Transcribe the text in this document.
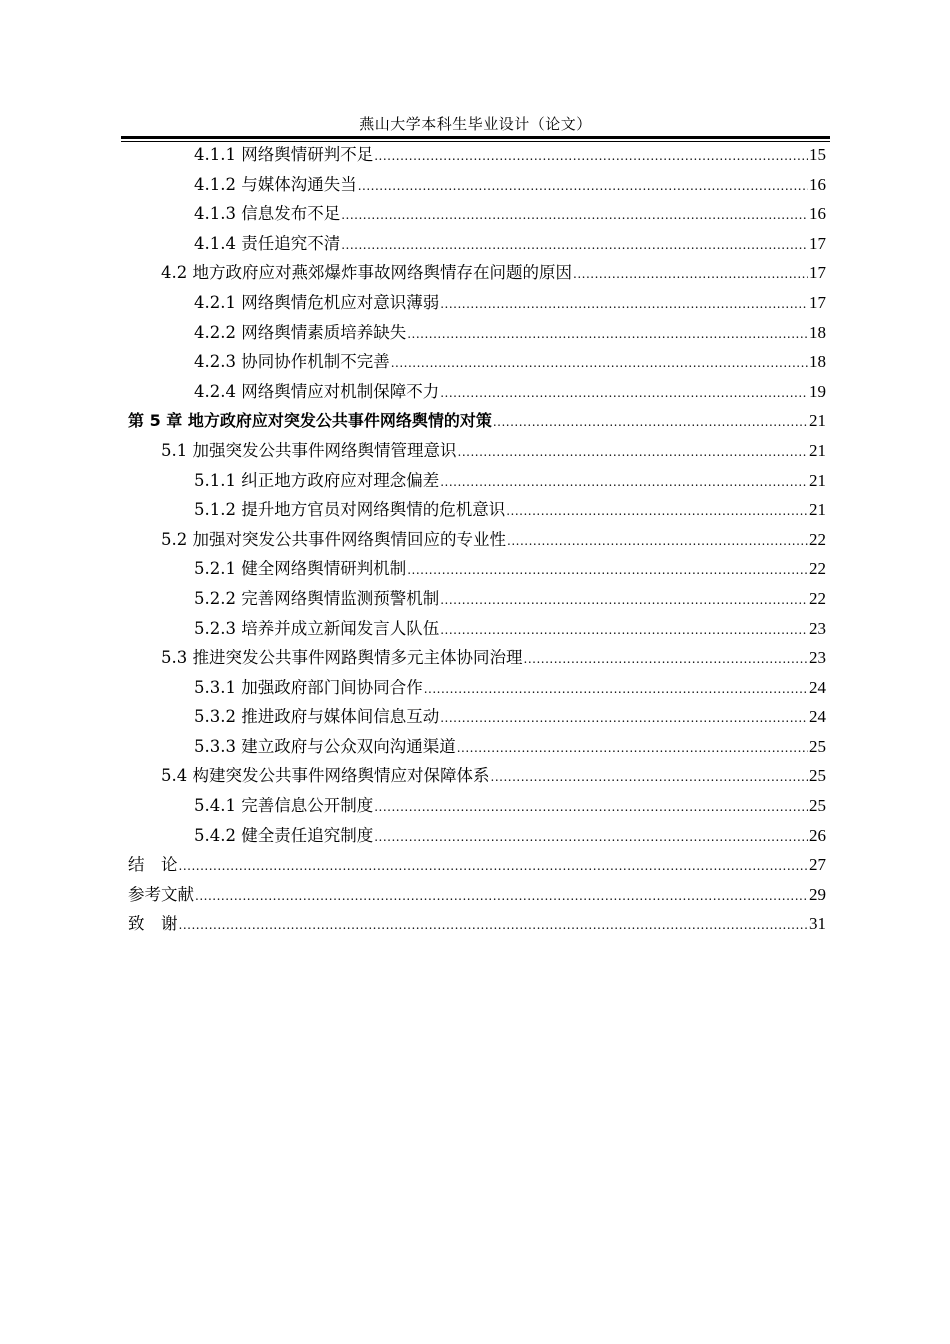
燕山大学本科生毕业设计（论文）
4.1.1 网络舆情研判不足 .....	15
4.1.2 与媒体沟通失当 .....	16
4.1.3 信息发布不足 .....	16
4.1.4 责任追究不清 .....	17
4.2 地方政府应对燕郊爆炸事故网络舆情存在问题的原因 .....	17
4.2.1 网络舆情危机应对意识薄弱 .....	17
4.2.2 网络舆情素质培养缺失 .....	18
4.2.3 协同协作机制不完善 .....	18
4.2.4 网络舆情应对机制保障不力 .....	19
第 5 章 地方政府应对突发公共事件网络舆情的对策 .....	21
5.1 加强突发公共事件网络舆情管理意识 .....	21
5.1.1 纠正地方政府应对理念偏差 .....	21
5.1.2 提升地方官员对网络舆情的危机意识 .....	21
5.2 加强对突发公共事件网络舆情回应的专业性 .....	22
5.2.1 健全网络舆情研判机制 .....	22
5.2.2 完善网络舆情监测预警机制 .....	22
5.2.3 培养并成立新闻发言人队伍 .....	23
5.3 推进突发公共事件网路舆情多元主体协同治理 .....	23
5.3.1 加强政府部门间协同合作 .....	24
5.3.2 推进政府与媒体间信息互动 .....	24
5.3.3 建立政府与公众双向沟通渠道 .....	25
5.4 构建突发公共事件网络舆情应对保障体系 .....	25
5.4.1 完善信息公开制度 .....	25
5.4.2 健全责任追究制度 .....	26
结　论 .....	27
参考文献 .....	29
致　谢 .....	31
